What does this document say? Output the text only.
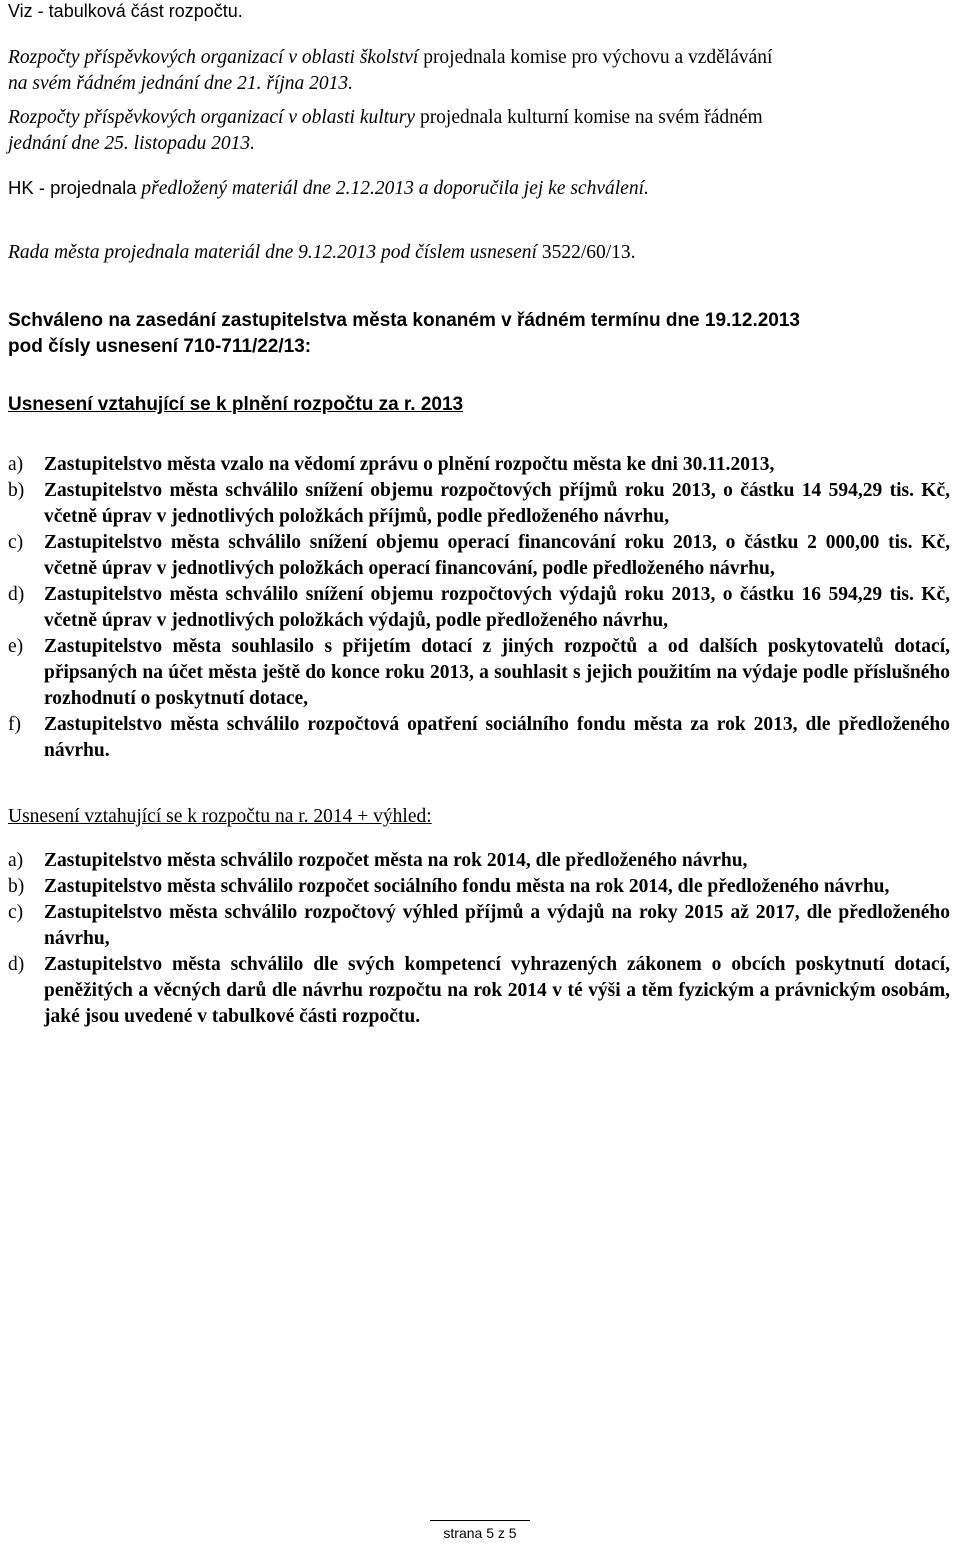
Viz - tabulková část rozpočtu.

Rozpočty příspěvkových organizací v oblasti školství projednala komise pro výchovu a vzdělávání
na svém řádném jednání dne 21. října 2013.

Rozpočty příspěvkových organizací v oblasti kultury projednala kulturní komise na svém řádném
jednání dne 25. listopadu 2013.

HK - projednala předložený materiál dne 2.12.2013 a doporučila jej ke schválení.

Rada města projednala materiál dne 9.12.2013 pod číslem usnesení 3522/60/13.

Schváleno na zasedání zastupitelstva města konaném v řádném termínu dne 19.12.2013
pod čísly usnesení 710-711/22/13:
Usnesení vztahující se k plnění rozpočtu za r. 2013
a) Zastupitelstvo města vzalo na vědomí zprávu o plnění rozpočtu města ke dni 30.11.2013,
b) Zastupitelstvo města schválilo snížení objemu rozpočtových příjmů roku 2013, o částku 14 594,29 tis. Kč, včetně úprav v jednotlivých položkách příjmů, podle předloženého návrhu,
c) Zastupitelstvo města schválilo snížení objemu operací financování roku 2013, o částku 2 000,00 tis. Kč, včetně úprav v jednotlivých položkách operací financování, podle předloženého návrhu,
d) Zastupitelstvo města schválilo snížení objemu rozpočtových výdajů roku 2013, o částku 16 594,29 tis. Kč, včetně úprav v jednotlivých položkách výdajů, podle předloženého návrhu,
e) Zastupitelstvo města souhlasilo s přijetím dotací z jiných rozpočtů a od dalších poskytovatelů dotací, připsaných na účet města ještě do konce roku 2013, a souhlasit s jejich použitím na výdaje podle příslušného rozhodnutí o poskytnutí dotace,
f) Zastupitelstvo města schválilo rozpočtová opatření sociálního fondu města za rok 2013, dle předloženého návrhu.
Usnesení vztahující se k rozpočtu na r. 2014 + výhled:
a) Zastupitelstvo města schválilo rozpočet města na rok 2014, dle předloženého návrhu,
b) Zastupitelstvo města schválilo rozpočet sociálního fondu města na rok 2014, dle předloženého návrhu,
c) Zastupitelstvo města schválilo rozpočtový výhled příjmů a výdajů na roky 2015 až 2017, dle předloženého návrhu,
d) Zastupitelstvo města schválilo dle svých kompetencí vyhrazených zákonem o obcích poskytnutí dotací, peněžitých a věcných darů dle návrhu rozpočtu na rok 2014 v té výši a těm fyzickým a právnickým osobám, jaké jsou uvedené v tabulkové části rozpočtu.
strana 5 z 5
